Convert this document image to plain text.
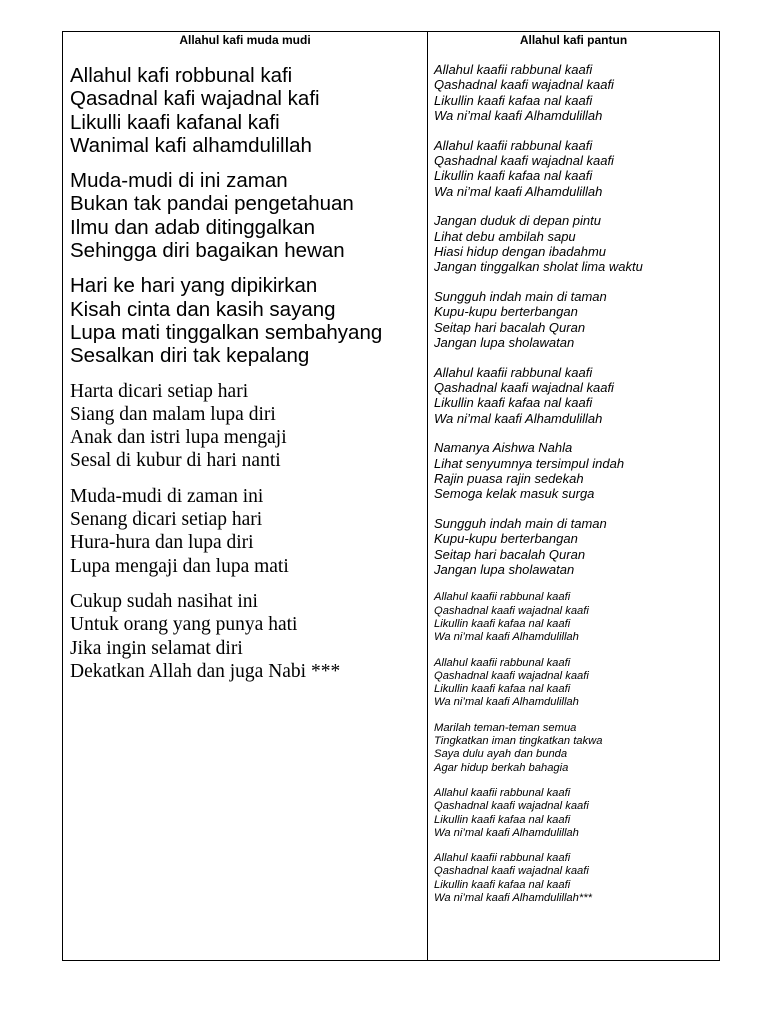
Allahul kafi muda mudi
Allahul kafi robbunal kafi
Qasadnal kafi wajadnal kafi
Likulli kaafi kafanal kafi
Wanimal kafi alhamdulillah
Muda-mudi di ini zaman
Bukan tak pandai pengetahuan
Ilmu dan adab ditinggalkan
Sehingga diri bagaikan hewan
Hari ke hari yang dipikirkan
Kisah cinta dan kasih sayang
Lupa mati tinggalkan sembahyang
Sesalkan diri tak kepalang
Harta dicari setiap hari
Siang dan malam lupa diri
Anak dan istri lupa mengaji
Sesal di kubur di hari nanti
Muda-mudi di zaman ini
Senang dicari setiap hari
Hura-hura dan lupa diri
Lupa mengaji dan lupa mati
Cukup sudah nasihat ini
Untuk orang yang punya hati
Jika ingin selamat diri
Dekatkan Allah dan juga Nabi ***
Allahul kafi pantun
Allahul kaafii rabbunal kaafi
Qashadnal kaafi wajadnal kaafi
Likullin kaafi kafaa nal kaafi
Wa ni’mal kaafi Alhamdulillah
Allahul kaafii rabbunal kaafi
Qashadnal kaafi wajadnal kaafi
Likullin kaafi kafaa nal kaafi
Wa ni’mal kaafi Alhamdulillah
Jangan duduk di depan pintu
Lihat debu ambilah sapu
Hiasi hidup dengan ibadahmu
Jangan tinggalkan sholat lima waktu
Sungguh indah main di taman
Kupu-kupu berterbangan
Seitap hari bacalah Quran
Jangan lupa sholawatan
Allahul kaafii rabbunal kaafi
Qashadnal kaafi wajadnal kaafi
Likullin kaafi kafaa nal kaafi
Wa ni’mal kaafi Alhamdulillah
Namanya Aishwa Nahla
Lihat senyumnya tersimpul indah
Rajin puasa rajin sedekah
Semoga kelak masuk surga
Sungguh indah main di taman
Kupu-kupu berterbangan
Seitap hari bacalah Quran
Jangan lupa sholawatan
Allahul kaafii rabbunal kaafi
Qashadnal kaafi wajadnal kaafi
Likullin kaafi kafaa nal kaafi
Wa ni’mal kaafi Alhamdulillah
Allahul kaafii rabbunal kaafi
Qashadnal kaafi wajadnal kaafi
Likullin kaafi kafaa nal kaafi
Wa ni’mal kaafi Alhamdulillah
Marilah teman-teman semua
Tingkatkan iman tingkatkan takwa
Saya dulu ayah dan bunda
Agar hidup berkah bahagia
Allahul kaafii rabbunal kaafi
Qashadnal kaafi wajadnal kaafi
Likullin kaafi kafaa nal kaafi
Wa ni’mal kaafi Alhamdulillah
Allahul kaafii rabbunal kaafi
Qashadnal kaafi wajadnal kaafi
Likullin kaafi kafaa nal kaafi
Wa ni’mal kaafi Alhamdulillah***
